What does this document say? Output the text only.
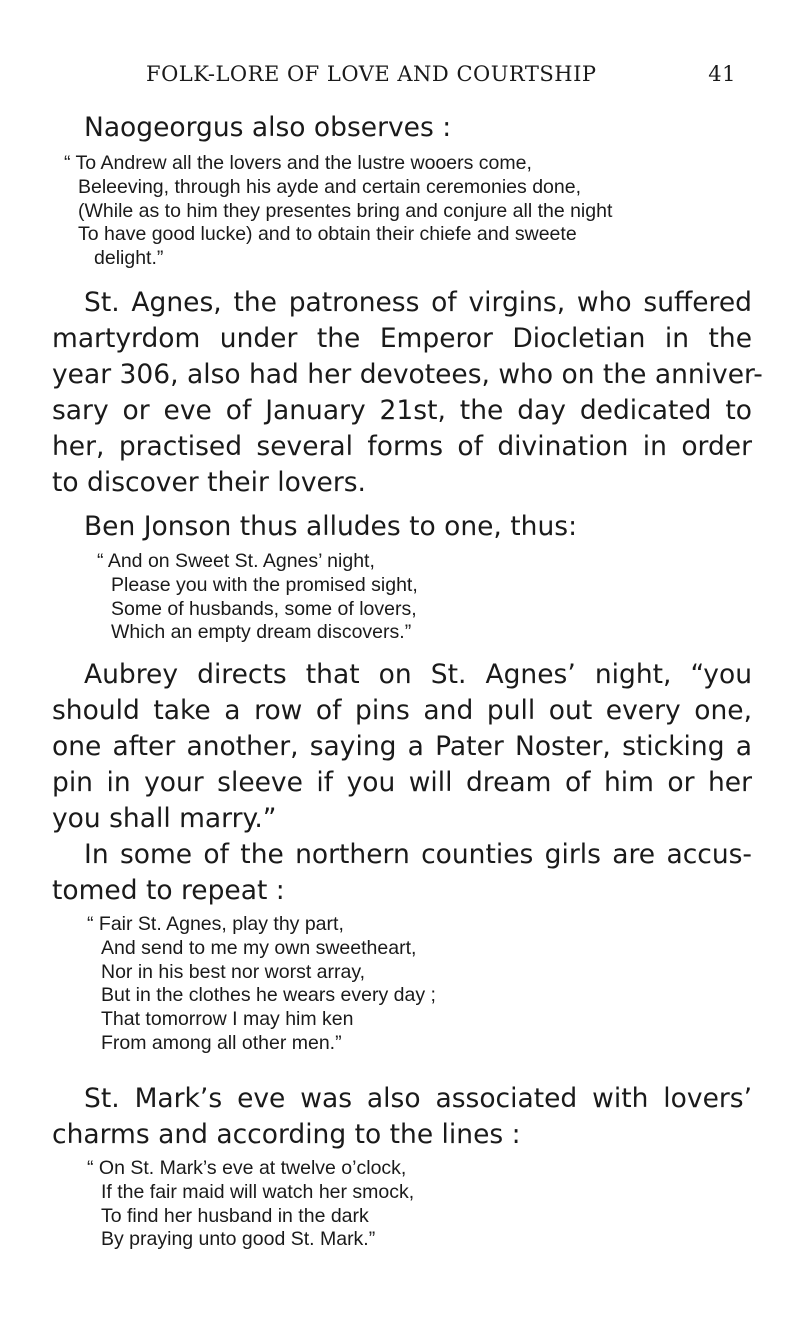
FOLK-LORE OF LOVE AND COURTSHIP	41

Naogeorgus also observes :

“ To Andrew all the lovers and the lustre wooers come,
Beleeving, through his ayde and certain ceremonies done,
(While as to him they presentes bring and conjure all the night
To have good lucke) and to obtain their chiefe and sweete
delight.”

St. Agnes, the patroness of virgins, who suffered
martyrdom under the Emperor Diocletian in the
year 306, also had her devotees, who on the anniver-
sary or eve of January 21st, the day dedicated to
her, practised several forms of divination in order
to discover their lovers.

Ben Jonson thus alludes to one, thus:

“ And on Sweet St. Agnes’ night,
Please you with the promised sight,
Some of husbands, some of lovers,
Which an empty dream discovers.”

Aubrey directs that on St. Agnes’ night, “you
should take a row of pins and pull out every one,
one after another, saying a Pater Noster, sticking a
pin in your sleeve if you will dream of him or her
you shall marry.”

In some of the northern counties girls are accus-
tomed to repeat :

“ Fair St. Agnes, play thy part,
And send to me my own sweetheart,
Nor in his best nor worst array,
But in the clothes he wears every day ;
That tomorrow I may him ken
From among all other men.”

St. Mark’s eve was also associated with lovers’
charms and according to the lines :

“ On St. Mark’s eve at twelve o’clock,
If the fair maid will watch her smock,
To find her husband in the dark
By praying unto good St. Mark.”
